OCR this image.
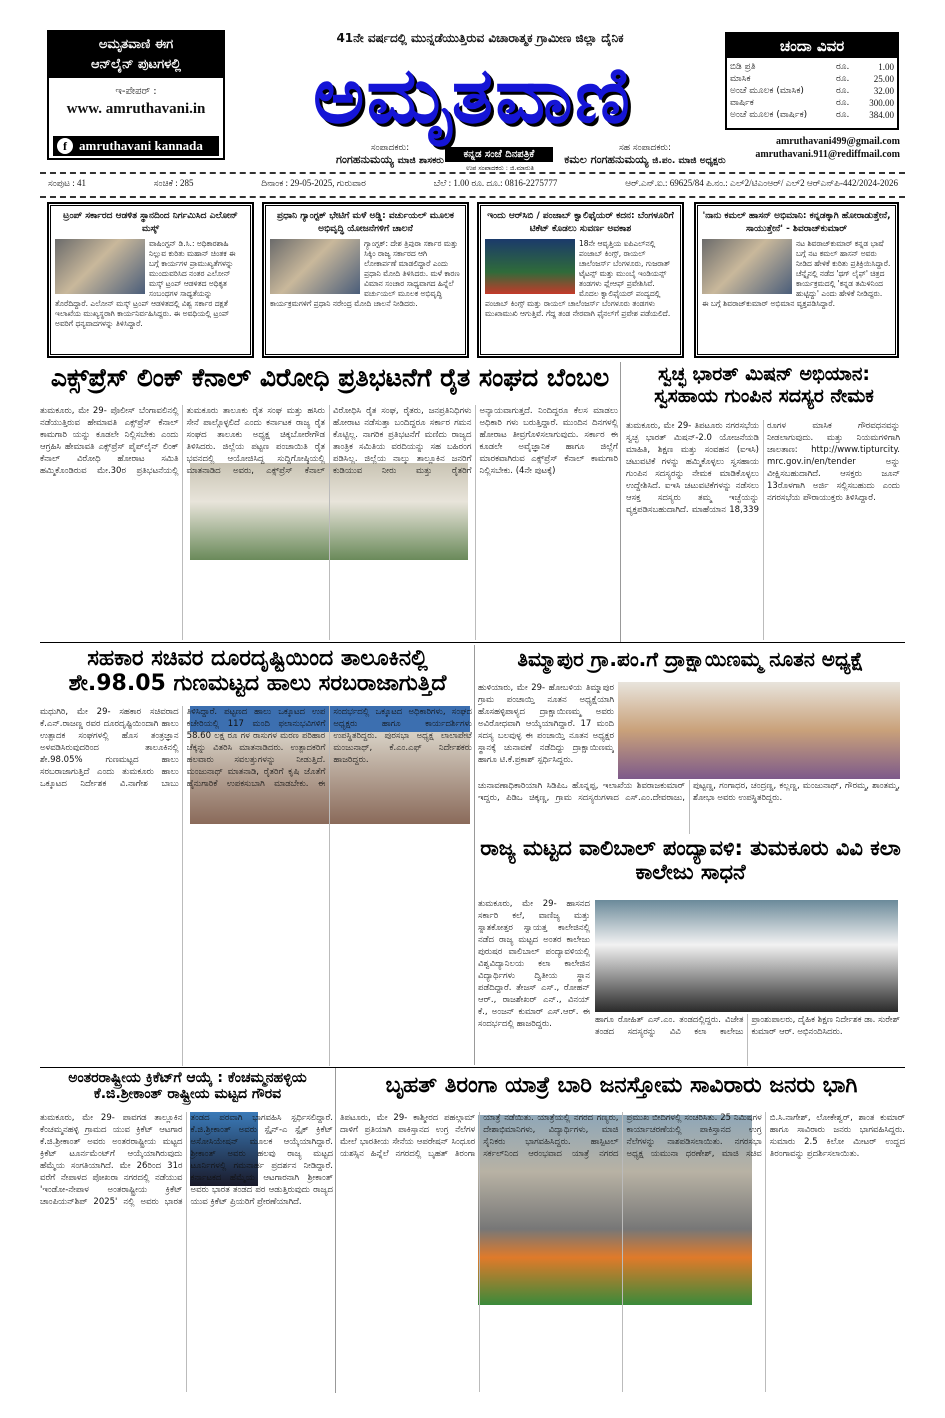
ಅಮೃತವಾಣಿ ಈಗ
ಆನ್‌ಲೈನ್ ಪುಟಗಳಲ್ಲಿ
ಇ-ಪೇಪರ್ :
www. amruthavani.in
f amruthavani kannada
41ನೇ ವರ್ಷದಲ್ಲಿ ಮುನ್ನಡೆಯುತ್ತಿರುವ ವಿಚಾರಾತ್ಮಕ ಗ್ರಾಮೀಣ ಜಿಲ್ಲಾ ದೈನಿಕ
ಅಮೃತವಾಣಿ
ಸಂಪಾದಕರು:
ಗಂಗಹನುಮಯ್ಯ ಮಾಜಿ ಶಾಸಕರು
ಕನ್ನಡ ಸಂಜೆ ದಿನಪತ್ರಿಕೆ
ಉಪ ಸಂಪಾದಕರು : ಜಿ.ಮಾರುತಿ
ಸಹ ಸಂಪಾದಕರು:
ಕಮಲ ಗಂಗಹನುಮಯ್ಯ ಜಿ.ಪಂ. ಮಾಜಿ ಅಧ್ಯಕ್ಷರು
ಚಂದಾ ವಿವರ
ಬಿಡಿ ಪ್ರತಿ	ರೂ.	1.00
ಮಾಸಿಕ	ರೂ.	25.00
ಅಂಚೆ ಮೂಲಕ (ಮಾಸಿಕ)	ರೂ.	32.00
ವಾರ್ಷಿಕ	ರೂ.	300.00
ಅಂಚೆ ಮೂಲಕ (ವಾರ್ಷಿಕ)	ರೂ.	384.00
amruthavani499@gmail.com
amruthavani.911@rediffmail.com
ಸಂಪುಟ : 41	ಸಂಚಿಕೆ : 285	ದಿನಾಂಕ : 29-05-2025, ಗುರುವಾರ	ಬೆಲೆ : 1.00 ರೂ. ದೂ.: 0816-2275777	ಆರ್.ಎನ್.ಐ.: 69625/84 ಪಿ.ನಂ.: ಎಲ್2/ಟಿಎಂಆರ್/ ಎಲ್2 ಆರ್‌ಎನ್‌ಪಿ-442/2024-2026
ಟ್ರಂಪ್ ಸರ್ಕಾರದ ಆಡಳಿತ ಸ್ಥಾನದಿಂದ ನಿರ್ಗಮಿಸಿದ ಎಲೋನ್ ಮಸ್ಕ್

ವಾಷಿಂಗ್ಟನ್ ಡಿ.ಸಿ.: ಅಧಿಕಾರಶಾಹಿ ನಿಲ್ಲುವ ಕುರಿತು ಮಹಾನ್ ಚಿಂತಕ ಈ ಬಗ್ಗೆ ಕಾರ್ಯಗಳ ಪ್ರಾಮುಖ್ಯತೆಗಳನ್ನು ಮುಂದುವರಿಸಿದ ನಂತರ ಎಲೋನ್ ಮಸ್ಕ್ ಟ್ರಂಪ್ ಆಡಳಿತದ ಅಧಿಕೃತ ಸಂಬಂಧಗಳ ಸಾಧ್ಯತೆಯನ್ನು ತೊರೆದಿದ್ದಾರೆ. ಎಲೋನ್ ಮಸ್ಕ್ ಟ್ರಂಪ್ ಆಡಳಿತದಲ್ಲಿ ವಿಶ್ವ ಸರ್ಕಾರ ದಕ್ಷತೆ ಇಲಾಖೆಯ ಮುಖ್ಯಸ್ಥರಾಗಿ ಕಾರ್ಯನಿರ್ವಹಿಸಿದ್ದರು. ಈ ಅವಧಿಯಲ್ಲಿ ಟ್ರಂಪ್ ಅವರಿಗೆ ಧನ್ಯವಾದಗಳನ್ನು ತಿಳಿಸಿದ್ದಾರೆ.

ಪ್ರಧಾನಿ ಗ್ಯಾಂಗ್ಟಕ್ ಭೇಟಿಗೆ ಮಳೆ ಅಡ್ಡಿ: ವರ್ಚುಯಲ್ ಮೂಲಕ ಅಭಿವೃದ್ಧಿ ಯೋಜನೆಗಳಿಗೆ ಚಾಲನೆ

ಗ್ಯಾಂಗ್ಟಕ್: ದೇಶ ತ್ರಿಪುರಾ ಸರ್ಕಾರ ಮತ್ತು ಸಿಕ್ಕಿಂ ರಾಜ್ಯ ಸರ್ಕಾರದ ಆಗಿ ಲೋಕಾರ್ಪಣೆ ಮಾಡಲಿದ್ದಾರೆ ಎಂದು ಪ್ರಧಾನಿ ಮೋದಿ ತಿಳಿಸಿದರು. ಮಳೆ ಕಾರಣ ವಿಮಾನ ಸಂಚಾರ ಸಾಧ್ಯವಾಗದ ಹಿನ್ನೆಲೆ ವರ್ಚುಯಲ್ ಮೂಲಕ ಅಭಿವೃದ್ಧಿ ಕಾರ್ಯಕ್ರಮಗಳಿಗೆ ಪ್ರಧಾನಿ ನರೇಂದ್ರ ಮೋದಿ ಚಾಲನೆ ನೀಡಿದರು.

ಇಂದು ಆರ್‌ಸಿಬಿ / ಪಂಜಾಬ್ ಕ್ವಾಲಿಫೈಯರ್ ಕದನ: ಬೆಂಗಳೂರಿಗೆ ಟಿಕೆಟ್ ಕೊಡಲು ಸುವರ್ಣ ಅವಕಾಶ

18ನೇ ಆವೃತ್ತಿಯ ಐಪಿಎಲ್‌ನಲ್ಲಿ ಪಂಜಾಬ್ ಕಿಂಗ್ಸ್, ರಾಯಲ್ ಚಾಲೆಂಜರ್ಸ್ ಬೆಂಗಳೂರು, ಗುಜರಾತ್ ಟೈಟನ್ಸ್ ಮತ್ತು ಮುಂಬೈ ಇಂಡಿಯನ್ಸ್ ತಂಡಗಳು ಪ್ಲೇಆಫ್ ಪ್ರವೇಶಿಸಿವೆ. ಮೊದಲ ಕ್ವಾಲಿಫೈಯರ್ ಪಂದ್ಯದಲ್ಲಿ ಪಂಜಾಬ್ ಕಿಂಗ್ಸ್ ಮತ್ತು ರಾಯಲ್ ಚಾಲೆಂಜರ್ಸ್ ಬೆಂಗಳೂರು ತಂಡಗಳು ಮುಖಾಮುಖಿ ಆಗುತ್ತಿವೆ. ಗೆದ್ದ ತಂಡ ನೇರವಾಗಿ ಫೈನಲ್‌ಗೆ ಪ್ರವೇಶ ಪಡೆಯಲಿದೆ.

'ನಾನು ಕಮಲ್ ಹಾಸನ್ ಅಭಿಮಾನಿ: ಕನ್ನಡಕ್ಕಾಗಿ ಹೋರಾಡುತ್ತೇನೆ, ಸಾಯುತ್ತೇನೆ' - ಶಿವರಾಜ್‌ಕುಮಾರ್

ನಟ ಶಿವರಾಜ್‌ಕುಮಾರ್ ಕನ್ನಡ ಭಾಷೆ ಬಗ್ಗೆ ನಟ ಕಮಲ್ ಹಾಸನ್ ಅವರು ನೀಡಿದ ಹೇಳಿಕೆ ಕುರಿತು ಪ್ರತಿಕ್ರಿಯಿಸಿದ್ದಾರೆ. ಚೆನ್ನೈನಲ್ಲಿ ನಡೆದ 'ಥಗ್ ಲೈಫ್' ಚಿತ್ರದ ಕಾರ್ಯಕ್ರಮದಲ್ಲಿ 'ಕನ್ನಡ ತಮಿಳಿನಿಂದ ಹುಟ್ಟಿದ್ದು' ಎಂದು ಹೇಳಿಕೆ ನೀಡಿದ್ದರು. ಈ ಬಗ್ಗೆ ಶಿವರಾಜ್‌ಕುಮಾರ್ ಅಭಿಮಾನ ವ್ಯಕ್ತಪಡಿಸಿದ್ದಾರೆ.

ಎಕ್ಸ್‌ಪ್ರೆಸ್ ಲಿಂಕ್ ಕೆನಾಲ್ ವಿರೋಧಿ ಪ್ರತಿಭಟನೆಗೆ ರೈತ ಸಂಘದ ಬೆಂಬಲ
ತುಮಕೂರು, ಮೇ 29- ಪೊಲೀಸ್ ಬೆಂಗಾವಲಿನಲ್ಲಿ ನಡೆಯುತ್ತಿರುವ ಹೇಮಾವತಿ ಎಕ್ಸ್‌ಪ್ರೆಸ್ ಕೆನಾಲ್ ಕಾಮಗಾರಿ ಯನ್ನು ಕೂಡಲೇ ನಿಲ್ಲಿಸಬೇಕು ಎಂದು ಆಗ್ರಹಿಸಿ ಹೇಮಾವತಿ ಎಕ್ಸ್‌ಪ್ರೆಸ್ ಪೈಪ್‌ಲೈನ್ ಲಿಂಕ್ ಕೆನಾಲ್ ವಿರೋಧಿ ಹೋರಾಟ ಸಮಿತಿ ಹಮ್ಮಿಕೊಂಡಿರುವ ಮೇ.30ರ ಪ್ರತಿಭಟನೆಯಲ್ಲಿ ತುಮಕೂರು ತಾಲೂಕು ರೈತ ಸಂಘ ಮತ್ತು ಹಸಿರು ಸೇನೆ ಪಾಲ್ಗೊಳ್ಳಲಿದೆ ಎಂದು ಕರ್ನಾಟಕ ರಾಜ್ಯ ರೈತ ಸಂಘದ ತಾಲೂಕು ಅಧ್ಯಕ್ಷ ಚಿಕ್ಕಬೋರೇಗೌಡ ತಿಳಿಸಿದರು. ಜಿಲ್ಲೆಯ ಪಟ್ಟಣ ಪಂಚಾಯಿತಿ ರೈತ ಭವನದಲ್ಲಿ ಆಯೋಜಿಸಿದ್ದ ಸುದ್ದಿಗೋಷ್ಠಿಯಲ್ಲಿ ಮಾತನಾಡಿದ ಅವರು, ಎಕ್ಸ್‌ಪ್ರೆಸ್ ಕೆನಾಲ್ ವಿರೋಧಿಸಿ ರೈತ ಸಂಘ, ರೈತರು, ಜನಪ್ರತಿನಿಧಿಗಳು ಹೋರಾಟ ನಡೆಸುತ್ತಾ ಬಂದಿದ್ದರೂ ಸರ್ಕಾರ ಗಮನ ಕೊಟ್ಟಿಲ್ಲ. ನಾಗರಿಕ ಪ್ರತಿಭಟನೆಗೆ ಮಣಿದು ರಾಜ್ಯದ ತಾಂತ್ರಿಕ ಸಮಿತಿಯ ವರದಿಯನ್ನು ಸಹ ಬಹಿರಂಗ ಪಡಿಸಿಲ್ಲ. ಜಿಲ್ಲೆಯ ನಾಲ್ಕು ತಾಲ್ಲೂಕಿನ ಜನರಿಗೆ ಕುಡಿಯುವ ನೀರು ಮತ್ತು ರೈತರಿಗೆ ಅನ್ಯಾಯವಾಗುತ್ತದೆ. ನಿಂದಿದ್ದರೂ ಕೆಲಸ ಮಾಡಲು ಅಧಿಕಾರಿ ಗಳು ಬರುತ್ತಿದ್ದಾರೆ. ಮುಂದಿನ ದಿನಗಳಲ್ಲಿ ಹೋರಾಟ ತೀವ್ರಗೊಳಿಸಲಾಗುವುದು. ಸರ್ಕಾರ ಈ ಕೂಡಲೇ ಅವೈಜ್ಞಾನಿಕ ಹಾಗೂ ಜಿಲ್ಲೆಗೆ ಮಾರಕವಾಗಿರುವ ಎಕ್ಸ್‌ಪ್ರೆಸ್ ಕೆನಾಲ್ ಕಾಮಗಾರಿ ನಿಲ್ಲಿಸಬೇಕು. (4ನೇ ಪುಟಕ್ಕೆ)
ಸ್ವಚ್ಛ ಭಾರತ್ ಮಿಷನ್ ಅಭಿಯಾನ: ಸ್ವಸಹಾಯ ಗುಂಪಿನ ಸದಸ್ಯರ ನೇಮಕ
ತುಮಕೂರು, ಮೇ 29- ತಿಪಟೂರು ನಗರಸಭೆಯ ಸ್ವಚ್ಛ ಭಾರತ್ ಮಿಷನ್-2.0 ಯೋಜನೆಯಡಿ ಮಾಹಿತಿ, ಶಿಕ್ಷಣ ಮತ್ತು ಸಂವಹನ (ಐಇಸಿ) ಚಟುವಟಿಕೆ ಗಳನ್ನು ಹಮ್ಮಿಕೊಳ್ಳಲು ಸ್ವಸಹಾಯ ಗುಂಪಿನ ಸದಸ್ಯರನ್ನು ನೇಮಕ ಮಾಡಿಕೊಳ್ಳಲು ಉದ್ದೇಶಿಸಿದೆ. ಐಇಸಿ ಚಟುವಟಿಕೆಗಳನ್ನು ನಡೆಸಲು ಆಸಕ್ತ ಸದಸ್ಯರು ತಮ್ಮ ಇಚ್ಛೆಯನ್ನು ವ್ಯಕ್ತಪಡಿಸಬಹುದಾಗಿದೆ. ಮಾಹೆಯಾನ 18,339 ರೂಗಳ ಮಾಸಿಕ ಗೌರವಧನವನ್ನು ನೀಡಲಾಗುವುದು. ಮತ್ತು ನಿಯಮಗಳಿಗಾಗಿ ಜಾಲತಾಣ: http://www.tipturcity. mrc.gov.in/en/tender ಅನ್ನು ವೀಕ್ಷಿಸಬಹುದಾಗಿದೆ. ಆಸಕ್ತರು ಜೂನ್ 13ರೊಳಗಾಗಿ ಅರ್ಜಿ ಸಲ್ಲಿಸಬಹುದು ಎಂದು ನಗರಸಭೆಯ ಪೌರಾಯುಕ್ತರು ತಿಳಿಸಿದ್ದಾರೆ.
ಸಹಕಾರ ಸಚಿವರ ದೂರದೃಷ್ಟಿಯಿಂದ ತಾಲೂಕಿನಲ್ಲಿ ಶೇ.98.05 ಗುಣಮಟ್ಟದ ಹಾಲು ಸರಬರಾಜಾಗುತ್ತಿದೆ
ಮಧುಗಿರಿ, ಮೇ 29- ಸಹಕಾರ ಸಚಿವರಾದ ಕೆ.ಎನ್.ರಾಜಣ್ಣ ರವರ ದೂರದೃಷ್ಟಿಯಿಂದಾಗಿ ಹಾಲು ಉತ್ಪಾದಕ ಸಂಘಗಳಲ್ಲಿ ಹೊಸ ತಂತ್ರಜ್ಞಾನ ಅಳವಡಿಸಿರುವುದರಿಂದ ತಾಲೂಕಿನಲ್ಲಿ ಶೇ.98.05% ಗುಣಮಟ್ಟದ ಹಾಲು ಸರಬರಾಜಾಗುತ್ತಿದೆ ಎಂದು ತುಮಕೂರು ಹಾಲು ಒಕ್ಕೂಟದ ನಿರ್ದೇಶಕ ವಿ.ನಾಗೇಶ ಬಾಬು ತಿಳಿಸಿದ್ದಾರೆ. ಪಟ್ಟಣದ ಹಾಲು ಒಕ್ಕೂಟದ ಉಪ ಕಚೇರಿಯಲ್ಲಿ 117 ಮಂದಿ ಫಲಾನುಭವಿಗಳಿಗೆ 58.60 ಲಕ್ಷ ರೂ ಗಳ ರಾಸುಗಳ ಮರಣ ಪರಿಹಾರ ಚೆಕ್ಕನ್ನು ವಿತರಿಸಿ ಮಾತನಾಡಿದರು. ಉತ್ಪಾದಕರಿಗೆ ಹಲವಾರು ಸವಲತ್ತುಗಳನ್ನು ನೀಡುತ್ತಿದೆ. ಮಂಜುನಾಥ್ ಮಾತನಾಡಿ, ರೈತರಿಗೆ ಕೃಷಿ ಜೊತೆಗೆ ಹೈನುಗಾರಿಕೆ ಉಪಕಸುಬಾಗಿ ಮಾಡಬೇಕು. ಈ ಸಂದರ್ಭದಲ್ಲಿ ಒಕ್ಕೂಟದ ಅಧಿಕಾರಿಗಳು, ಸಂಘದ ಅಧ್ಯಕ್ಷರು ಹಾಗೂ ಕಾರ್ಯದರ್ಶಿಗಳು ಉಪಸ್ಥಿತರಿದ್ದರು. ಪುರಸಭಾ ಅಧ್ಯಕ್ಷ ಲಾಲಾಪೇಟೆ ಮಂಜುನಾಥ್, ಕೆ.ಎಂ.ಎಫ್ ನಿರ್ದೇಶಕರು ಹಾಜರಿದ್ದರು.
ತಿಮ್ಮಾಪುರ ಗ್ರಾ.ಪಂ.ಗೆ ದ್ರಾಕ್ಷಾಯಿಣಮ್ಮ ನೂತನ ಅಧ್ಯಕ್ಷೆ
ಹುಳಿಯಾರು, ಮೇ 29- ಹೋಬಳಿಯ ತಿಮ್ಮಾಪುರ ಗ್ರಾಮ ಪಂಚಾಯ್ತಿ ನೂತನ ಅಧ್ಯಕ್ಷೆಯಾಗಿ ಹೊಸಹಳ್ಳಿಪಾಳ್ಯದ ದ್ರಾಕ್ಷಾಯಿಣಮ್ಮ ಅವರು ಅವಿರೋಧವಾಗಿ ಆಯ್ಕೆಯಾಗಿದ್ದಾರೆ. 17 ಮಂದಿ ಸದಸ್ಯ ಬಲವುಳ್ಳ ಈ ಪಂಚಾಯ್ತಿ ನೂತನ ಅಧ್ಯಕ್ಷರ ಸ್ಥಾನಕ್ಕೆ ಚುನಾವಣೆ ನಡೆದಿದ್ದು ದ್ರಾಕ್ಷಾಯಿಣಮ್ಮ ಹಾಗೂ ಟಿ.ಕೆ.ಪ್ರಕಾಶ್ ಸ್ಪರ್ಧಿಸಿದ್ದರು.
ಚುನಾವಣಾಧಿಕಾರಿಯಾಗಿ ಸಿಡಿಪಿಒ ಹೊನ್ನಪ್ಪ, ಇಲಾಖೆಯ ಶಿವರಾಜಕುಮಾರ್ ಇದ್ದರು, ಪಿಡಿಒ ಚಿಕ್ಕಣ್ಣ, ಗ್ರಾಮ ಸದಸ್ಯರುಗಳಾದ ಎಸ್.ಎಂ.ದೇವರಾಜು, ಪುಟ್ಟಣ್ಣ, ಗಂಗಾಧರ, ಚಂದ್ರಣ್ಣ, ಕಲ್ಲಣ್ಣ, ಮಂಜುನಾಥ್, ಗೌರಮ್ಮ, ಶಾಂತಮ್ಮ, ಶೋಭಾ ಅವರು ಉಪಸ್ಥಿತರಿದ್ದರು.
ರಾಜ್ಯ ಮಟ್ಟದ ವಾಲಿಬಾಲ್ ಪಂದ್ಯಾವಳಿ: ತುಮಕೂರು ವಿವಿ ಕಲಾ ಕಾಲೇಜು ಸಾಧನೆ
ತುಮಕೂರು, ಮೇ 29- ಹಾಸನದ ಸರ್ಕಾರಿ ಕಲೆ, ವಾಣಿಜ್ಯ ಮತ್ತು ಸ್ನಾತಕೋತ್ತರ ಸ್ವಾಯತ್ತ ಕಾಲೇಜಿನಲ್ಲಿ ನಡೆದ ರಾಜ್ಯ ಮಟ್ಟದ ಅಂತರ ಕಾಲೇಜು ಪುರುಷರ ವಾಲಿಬಾಲ್ ಪಂದ್ಯಾವಳಿಯಲ್ಲಿ ವಿಶ್ವವಿದ್ಯಾನಿಲಯ ಕಲಾ ಕಾಲೇಜಿನ ವಿದ್ಯಾರ್ಥಿಗಳು ದ್ವಿತೀಯ ಸ್ಥಾನ ಪಡೆದಿದ್ದಾರೆ. ತೇಜಸ್ ಎಸ್., ರೋಹನ್ ಆರ್., ರಾಜಶೇಖರ್ ಎನ್., ವಿನಯ್ ಕೆ., ಅಂಜನ್ ಕುಮಾರ್ ಎಸ್.ಆರ್. ಈ ಸಂದರ್ಭದಲ್ಲಿ ಹಾಜರಿದ್ದರು.	ಹಾಗೂ ರೋಹಿತ್ ಎಸ್.ಎಂ. ತಂಡದಲ್ಲಿದ್ದರು. ವಿಜೇತ ತಂಡದ ಸದಸ್ಯರನ್ನು ವಿವಿ ಕಲಾ ಕಾಲೇಜು ಪ್ರಾಂಶುಪಾಲರು, ದೈಹಿಕ ಶಿಕ್ಷಣ ನಿರ್ದೇಶಕ ಡಾ. ಸುರೇಶ್ ಕುಮಾರ್ ಆರ್. ಅಭಿನಂದಿಸಿದರು.
ಅಂತರರಾಷ್ಟ್ರೀಯ ಕ್ರಿಕೆಟ್‌ಗೆ ಆಯ್ಕೆ : ಕೆಂಚಮ್ಮನಹಳ್ಳಿಯ ಕೆ.ಜಿ.ಶ್ರೀಕಾಂತ್ ರಾಷ್ಟ್ರೀಯ ಮಟ್ಟದ ಗೌರವ
ತುಮಕೂರು, ಮೇ 29- ಪಾವಗಡ ತಾಲ್ಲೂಕಿನ ಕೆಂಚಮ್ಮನಹಳ್ಳಿ ಗ್ರಾಮದ ಯುವ ಕ್ರಿಕೆಟ್ ಆಟಗಾರ ಕೆ.ಜಿ.ಶ್ರೀಕಾಂತ್ ಅವರು ಅಂತರರಾಷ್ಟ್ರೀಯ ಮಟ್ಟದ ಕ್ರಿಕೆಟ್ ಟೂರ್ನಮೆಂಟ್‌ಗೆ ಆಯ್ಕೆಯಾಗಿರುವುದು ಹೆಮ್ಮೆಯ ಸಂಗತಿಯಾಗಿದೆ. ಮೇ 26ರಿಂದ 31ರ ವರೆಗೆ ನೇಪಾಳದ ಪೋಖರಾ ನಗರದಲ್ಲಿ ನಡೆಯುವ 'ಇಂಡೋ-ನೇಪಾಳ ಅಂತರಾಷ್ಟ್ರೀಯ ಕ್ರಿಕೆಟ್ ಚಾಂಪಿಯನ್‌ಶಿಪ್ 2025' ನಲ್ಲಿ ಅವರು ಭಾರತ ತಂಡದ ಪರವಾಗಿ ಭಾಗವಹಿಸಿ ಸ್ಪರ್ಧಿಸಲಿದ್ದಾರೆ. ಕೆ.ಜಿ.ಶ್ರೀಕಾಂತ್ ಅವರು ಸ್ಪೈನ್-ಎ ಸ್ಪೈಕ್ ಕ್ರಿಕೆಟ್ ಅಸೋಸಿಯೇಷನ್ ಮೂಲಕ ಆಯ್ಕೆಯಾಗಿದ್ದಾರೆ. ಶ್ರೀಕಾಂತ್ ಅವರು ಹಲವು ರಾಜ್ಯ ಮಟ್ಟದ ಟೂರ್ನಿಗಳಲ್ಲಿ ಗಮನಾರ್ಹ ಪ್ರದರ್ಶನ ನೀಡಿದ್ದಾರೆ. ಕರ್ನಾಟಕದ ಹೆಮ್ಮೆಯ ಆಟಗಾರನಾಗಿ ಶ್ರೀಕಾಂತ್ ಅವರು ಭಾರತ ತಂಡದ ಪರ ಆಡುತ್ತಿರುವುದು ರಾಜ್ಯದ ಯುವ ಕ್ರಿಕೆಟ್ ಪ್ರಿಯರಿಗೆ ಪ್ರೇರಣೆಯಾಗಿದೆ.
ಬೃಹತ್ ತಿರಂಗಾ ಯಾತ್ರೆ ಬಾರಿ ಜನಸ್ತೋಮ ಸಾವಿರಾರು ಜನರು ಭಾಗಿ
ತಿಪಟೂರು, ಮೇ 29- ಕಾಶ್ಮೀರದ ಪಹಲ್ಗಾಮ್ ದಾಳಿಗೆ ಪ್ರತಿಯಾಗಿ ಪಾಕಿಸ್ತಾನದ ಉಗ್ರ ನೆಲೆಗಳ ಮೇಲೆ ಭಾರತೀಯ ಸೇನೆಯ ಆಪರೇಷನ್ ಸಿಂಧೂರ ಯಶಸ್ಸಿನ ಹಿನ್ನೆಲೆ ನಗರದಲ್ಲಿ ಬೃಹತ್ ತಿರಂಗಾ ಯಾತ್ರೆ ನಡೆಯಿತು. ಯಾತ್ರೆಯಲ್ಲಿ ನಗರದ ಗಣ್ಯರು, ದೇಶಾಭಿಮಾನಿಗಳು, ವಿದ್ಯಾರ್ಥಿಗಳು, ಮಾಜಿ ಸೈನಿಕರು ಭಾಗವಹಿಸಿದ್ದರು. ಹಾಸ್ಪಿಟಲ್ ಸರ್ಕಲ್‌ನಿಂದ ಆರಂಭವಾದ ಯಾತ್ರೆ ನಗರದ ಪ್ರಮುಖ ಬೀದಿಗಳಲ್ಲಿ ಸಂಚರಿಸಿತು. 25 ನಿಮಿಷಗಳ ಕಾರ್ಯಾಚರಣೆಯಲ್ಲಿ ಪಾಕಿಸ್ತಾನದ ಉಗ್ರ ನೆಲೆಗಳನ್ನು ನಾಶಪಡಿಸಲಾಯಿತು. ನಗರಸಭಾ ಅಧ್ಯಕ್ಷ ಯಮುನಾ ಧರಣೇಶ್, ಮಾಜಿ ಸಚಿವ ಬಿ.ಸಿ.ನಾಗೇಶ್, ಲೋಕೇಶ್ವರ್, ಶಾಂತ ಕುಮಾರ್ ಹಾಗೂ ಸಾವಿರಾರು ಜನರು ಭಾಗವಹಿಸಿದ್ದರು. ಸುಮಾರು 2.5 ಕಿಲೋ ಮೀಟರ್ ಉದ್ದದ ತಿರಂಗಾವನ್ನು ಪ್ರದರ್ಶಿಸಲಾಯಿತು.
